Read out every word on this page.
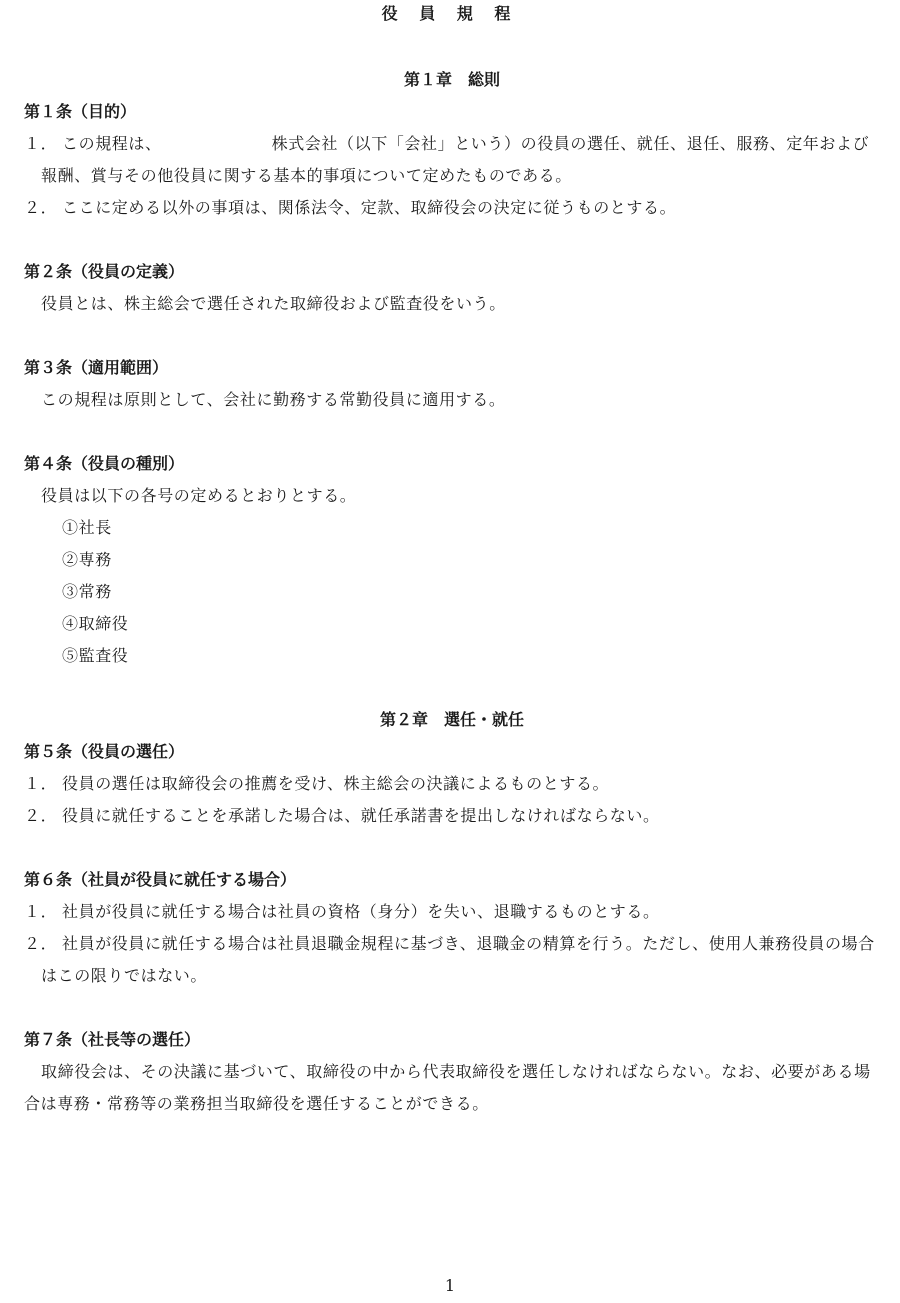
役 員 規 程

第１章　総則

第１条（目的）

１． この規程は、	株式会社（以下「会社」という）の役員の選任、就任、退任、服務、定年および報酬、賞与その他役員に関する基本的事項について定めたものである。

２． ここに定める以外の事項は、関係法令、定款、取締役会の決定に従うものとする。

第２条（役員の定義）

役員とは、株主総会で選任された取締役および監査役をいう。

第３条（適用範囲）

この規程は原則として、会社に勤務する常勤役員に適用する。

第４条（役員の種別）

役員は以下の各号の定めるとおりとする。

①社長

②専務

③常務

④取締役

⑤監査役

第２章　選任・就任

第５条（役員の選任）

１． 役員の選任は取締役会の推薦を受け、株主総会の決議によるものとする。

２． 役員に就任することを承諾した場合は、就任承諾書を提出しなければならない。

第６条（社員が役員に就任する場合）

１． 社員が役員に就任する場合は社員の資格（身分）を失い、退職するものとする。

２． 社員が役員に就任する場合は社員退職金規程に基づき、退職金の精算を行う。ただし、使用人兼務役員の場合はこの限りではない。

第７条（社長等の選任）

取締役会は、その決議に基づいて、取締役の中から代表取締役を選任しなければならない。なお、必要がある場合は専務・常務等の業務担当取締役を選任することができる。

1
